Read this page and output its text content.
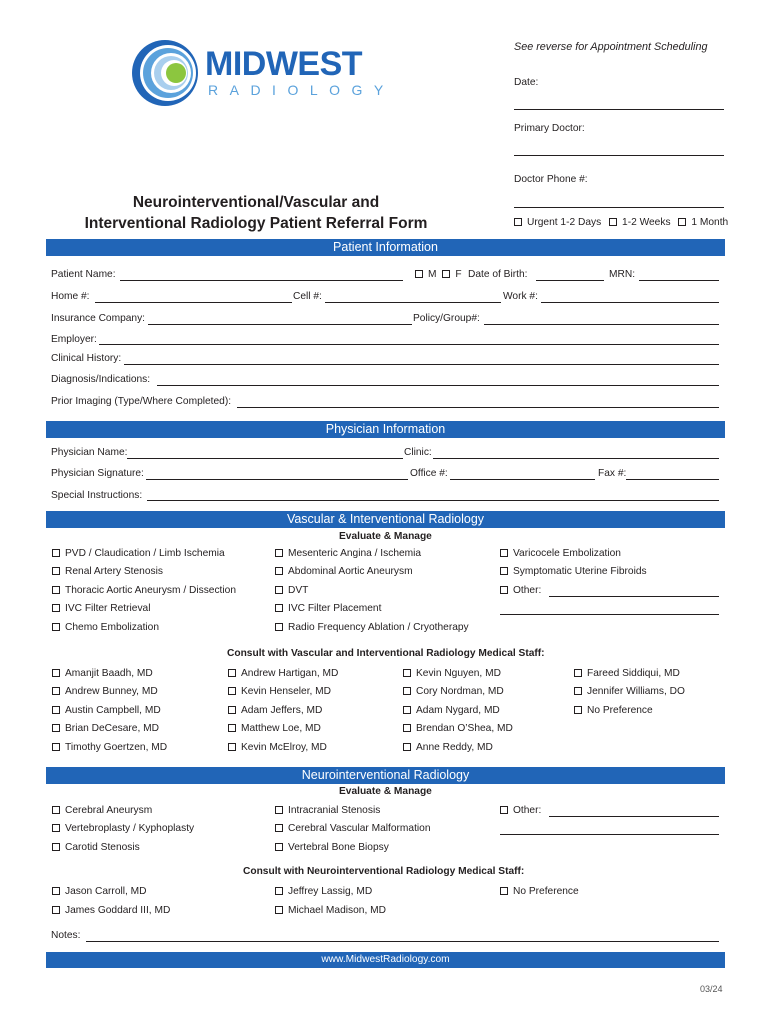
MIDWEST
RADIOLOGY
See reverse for Appointment Scheduling
Date:
Primary Doctor:
Doctor Phone #:
Urgent 1-2 Days 1-2 Weeks 1 Month
Neurointerventional/Vascular and
Interventional Radiology Patient Referral Form
Patient Information
Patient Name:	M F Date of Birth:	MRN:
Home #:	Cell #:	Work #:
Insurance Company:	Policy/Group#:
Employer:
Clinical History:
Diagnosis/Indications:
Prior Imaging (Type/Where Completed):
Physician Information
Physician Name:	Clinic:
Physician Signature:	Office #:	Fax #:
Special Instructions:
Vascular & Interventional Radiology
Evaluate & Manage
PVD / Claudication / Limb Ischemia
Renal Artery Stenosis
Thoracic Aortic Aneurysm / Dissection
IVC Filter Retrieval
Chemo Embolization
Mesenteric Angina / Ischemia
Abdominal Aortic Aneurysm
DVT
IVC Filter Placement
Radio Frequency Ablation / Cryotherapy
Varicocele Embolization
Symptomatic Uterine Fibroids
Other:
Consult with Vascular and Interventional Radiology Medical Staff:
Amanjit Baadh, MD
Andrew Bunney, MD
Austin Campbell, MD
Brian DeCesare, MD
Timothy Goertzen, MD
Andrew Hartigan, MD
Kevin Henseler, MD
Adam Jeffers, MD
Matthew Loe, MD
Kevin McElroy, MD
Kevin Nguyen, MD
Cory Nordman, MD
Adam Nygard, MD
Brendan O’Shea, MD
Anne Reddy, MD
Fareed Siddiqui, MD
Jennifer Williams, DO
No Preference
Neurointerventional Radiology
Evaluate & Manage
Cerebral Aneurysm
Vertebroplasty / Kyphoplasty
Carotid Stenosis
Intracranial Stenosis
Cerebral Vascular Malformation
Vertebral Bone Biopsy
Other:
Consult with Neurointerventional Radiology Medical Staff:
Jason Carroll, MD
James Goddard III, MD
Jeffrey Lassig, MD
Michael Madison, MD
No Preference
Notes:
www.MidwestRadiology.com
03/24
